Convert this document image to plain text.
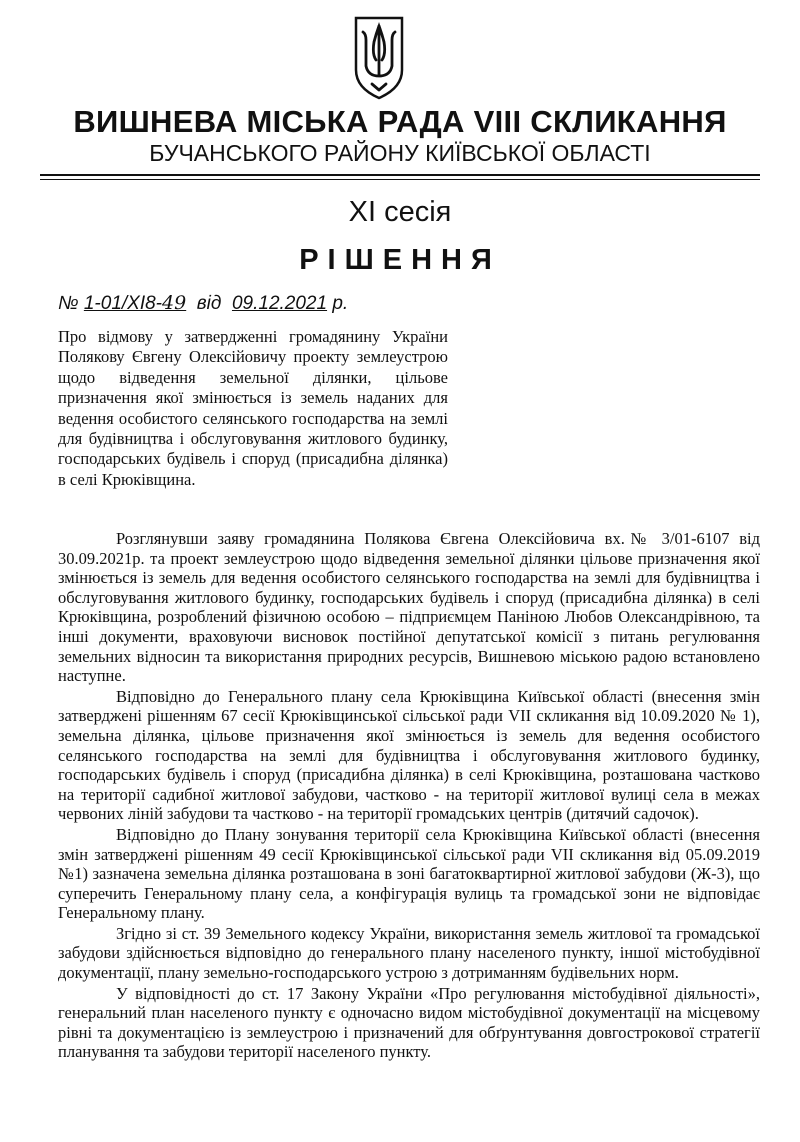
ВИШНЕВА МІСЬКА РАДА VIII СКЛИКАННЯ
БУЧАНСЬКОГО РАЙОНУ КИЇВСЬКОЇ ОБЛАСТІ
XI сесія
РІШЕННЯ
№ 1-01/XI8-49 від 09.12.2021 р.

Про відмову у затвердженні громадянину України Полякову Євгену Олексійовичу проекту землеустрою щодо відведення земельної ділянки, цільове призначення якої змінюється із земель наданих для ведення особистого селянського господарства на землі для будівництва і обслуговування житлового будинку, господарських будівель і споруд (присадибна ділянка) в селі Крюківщина.

Розглянувши заяву громадянина Полякова Євгена Олексійовича вх.№ 3/01-6107 від 30.09.2021р. та проект землеустрою щодо відведення земельної ділянки цільове призначення якої змінюється із земель для ведення особистого селянського господарства на землі для будівництва і обслуговування житлового будинку, господарських будівель і споруд (присадибна ділянка) в селі Крюківщина, розроблений фізичною особою – підприємцем Паніною Любов Олександрівною, та інші документи, враховуючи висновок постійної депутатської комісії з питань регулювання земельних відносин та використання природних ресурсів, Вишневою міською радою встановлено наступне.

Відповідно до Генерального плану села Крюківщина Київської області (внесення змін затверджені рішенням 67 сесії Крюківщинської сільської ради VII скликання від 10.09.2020 № 1), земельна ділянка, цільове призначення якої змінюється із земель для ведення особистого селянського господарства на землі для будівництва і обслуговування житлового будинку, господарських будівель і споруд (присадибна ділянка) в селі Крюківщина, розташована частково на території садибної житлової забудови, частково - на території житлової вулиці села в межах червоних ліній забудови та частково - на території громадських центрів (дитячий садочок).

Відповідно до Плану зонування території села Крюківщина Київської області (внесення змін затверджені рішенням 49 сесії Крюківщинської сільської ради VII скликання від 05.09.2019 №1) зазначена земельна ділянка розташована в зоні багатоквартирної житлової забудови (Ж-3), що суперечить Генеральному плану села, а конфігурація вулиць та громадської зони не відповідає Генеральному плану.

Згідно зі ст. 39 Земельного кодексу України, використання земель житлової та громадської забудови здійснюється відповідно до генерального плану населеного пункту, іншої містобудівної документації, плану земельно-господарського устрою з дотриманням будівельних норм.

У відповідності до ст. 17 Закону України «Про регулювання містобудівної діяльності», генеральний план населеного пункту є одночасно видом містобудівної документації на місцевому рівні та документацією із землеустрою і призначений для обґрунтування довгострокової стратегії планування та забудови території населеного пункту.
